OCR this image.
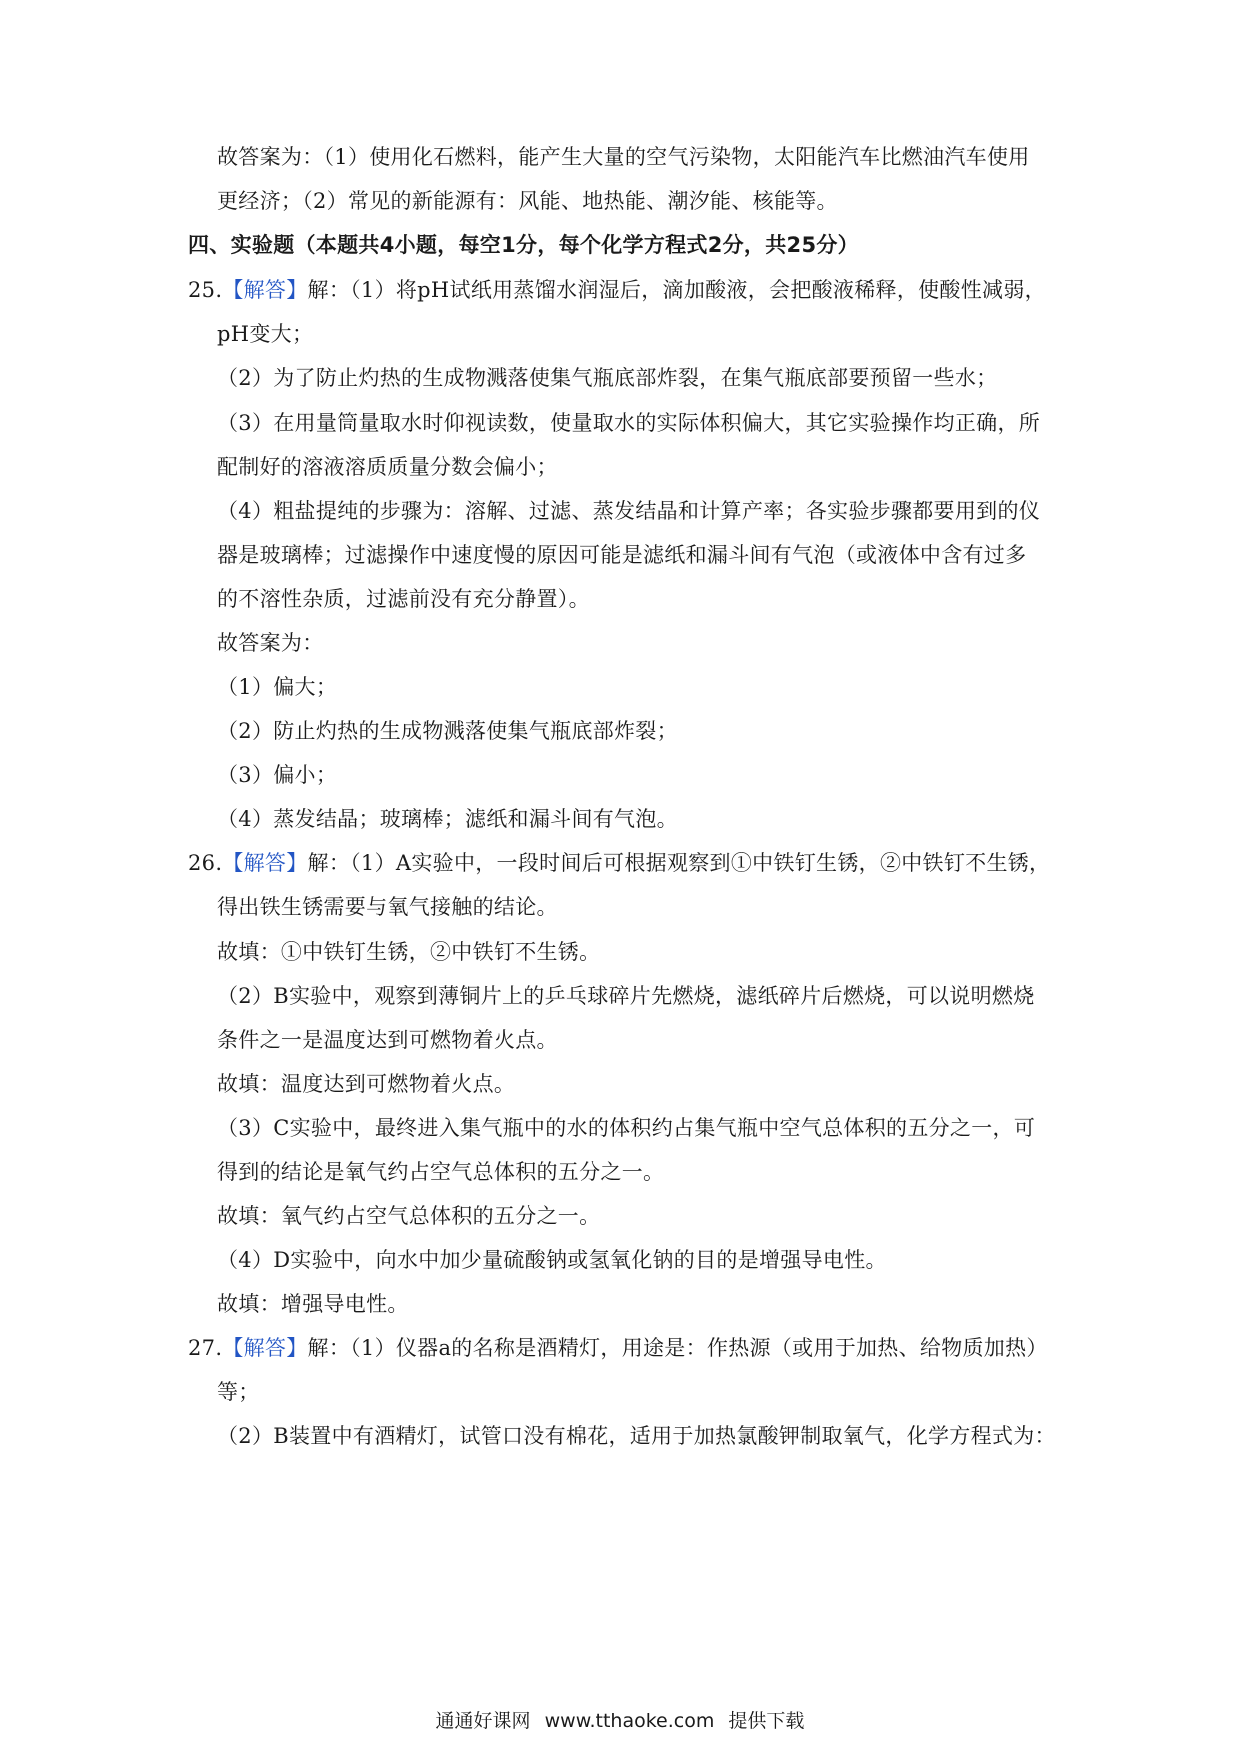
故答案为：（1）使用化石燃料，能产生大量的空气污染物，太阳能汽车比燃油汽车使用
更经济；（2）常见的新能源有：风能、地热能、潮汐能、核能等。
四、实验题（本题共4小题，每空1分，每个化学方程式2分，共25分）
25.【解答】解：（1）将pH试纸用蒸馏水润湿后，滴加酸液，会把酸液稀释，使酸性减弱，
pH变大；
（2）为了防止灼热的生成物溅落使集气瓶底部炸裂，在集气瓶底部要预留一些水；
（3）在用量筒量取水时仰视读数，使量取水的实际体积偏大，其它实验操作均正确，所
配制好的溶液溶质质量分数会偏小；
（4）粗盐提纯的步骤为：溶解、过滤、蒸发结晶和计算产率；各实验步骤都要用到的仪
器是玻璃棒；过滤操作中速度慢的原因可能是滤纸和漏斗间有气泡（或液体中含有过多
的不溶性杂质，过滤前没有充分静置）。
故答案为：
（1）偏大；
（2）防止灼热的生成物溅落使集气瓶底部炸裂；
（3）偏小；
（4）蒸发结晶；玻璃棒；滤纸和漏斗间有气泡。
26.【解答】解：（1）A实验中，一段时间后可根据观察到①中铁钉生锈，②中铁钉不生锈，
得出铁生锈需要与氧气接触的结论。
故填：①中铁钉生锈，②中铁钉不生锈。
（2）B实验中，观察到薄铜片上的乒乓球碎片先燃烧，滤纸碎片后燃烧，可以说明燃烧
条件之一是温度达到可燃物着火点。
故填：温度达到可燃物着火点。
（3）C实验中，最终进入集气瓶中的水的体积约占集气瓶中空气总体积的五分之一，可
得到的结论是氧气约占空气总体积的五分之一。
故填：氧气约占空气总体积的五分之一。
（4）D实验中，向水中加少量硫酸钠或氢氧化钠的目的是增强导电性。
故填：增强导电性。
27.【解答】解：（1）仪器a的名称是酒精灯，用途是：作热源（或用于加热、给物质加热）
等；
（2）B装置中有酒精灯，试管口没有棉花，适用于加热氯酸钾制取氧气，化学方程式为：
通通好课网 www.tthaoke.com 提供下载
